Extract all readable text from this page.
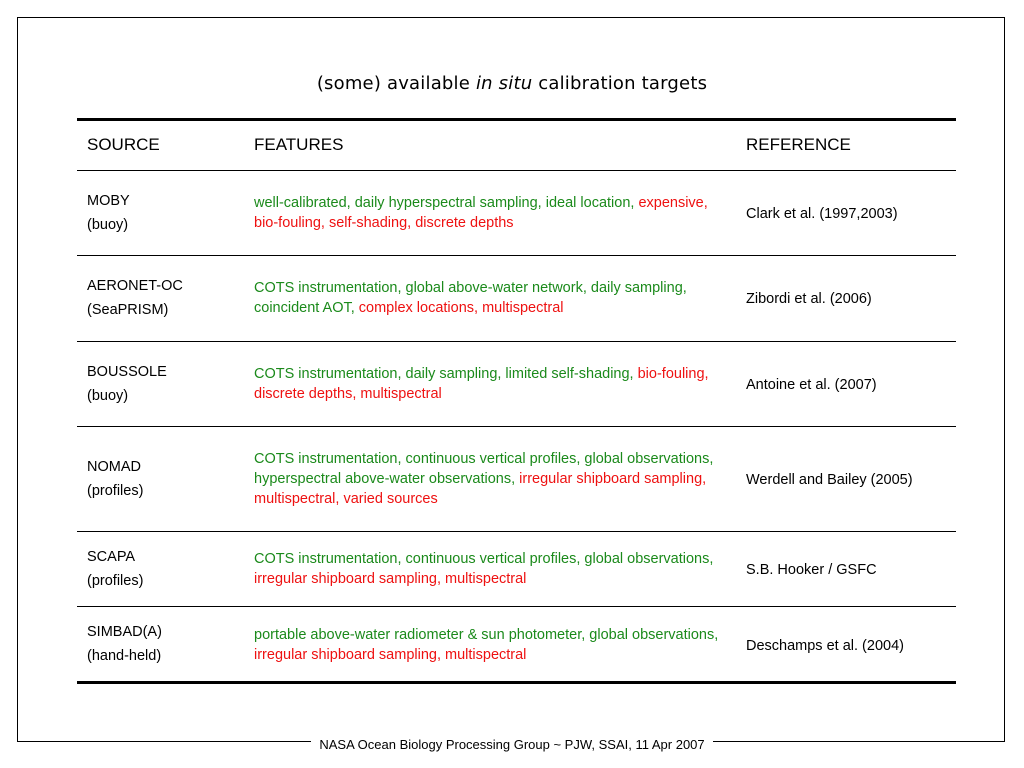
(some) available in situ calibration targets
SOURCE	FEATURES	REFERENCE
MOBY
(buoy)
well-calibrated, daily hyperspectral sampling, ideal location, expensive, bio-fouling, self-shading, discrete depths
Clark et al. (1997,2003)
AERONET-OC
(SeaPRISM)
COTS instrumentation, global above-water network, daily sampling, coincident AOT, complex locations, multispectral
Zibordi et al. (2006)
BOUSSOLE
(buoy)
COTS instrumentation, daily sampling, limited self-shading, bio-fouling, discrete depths, multispectral
Antoine et al. (2007)
NOMAD
(profiles)
COTS instrumentation, continuous vertical profiles, global observations, hyperspectral above-water observations, irregular shipboard sampling, multispectral, varied sources
Werdell and Bailey (2005)
SCAPA
(profiles)
COTS instrumentation, continuous vertical profiles, global observations, irregular shipboard sampling, multispectral
S.B. Hooker / GSFC
SIMBAD(A)
(hand-held)
portable above-water radiometer & sun photometer, global observations, irregular shipboard sampling, multispectral
Deschamps et al. (2004)
NASA Ocean Biology Processing Group ~ PJW, SSAI, 11 Apr 2007
